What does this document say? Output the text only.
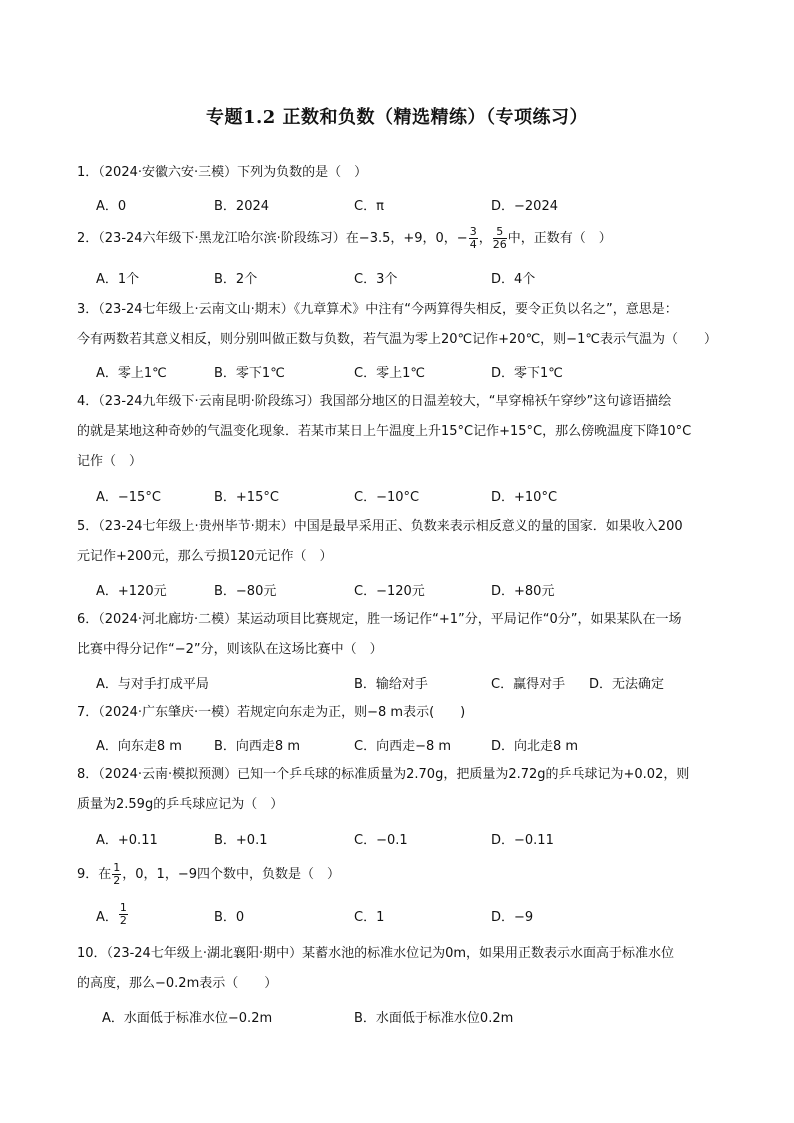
专题1.2 正数和负数（精选精练）（专项练习）
1．（2024·安徽六安·三模）下列为负数的是（　）
A．0	B．2024	C．π	D．−2024
2．（23-24六年级下·黑龙江哈尔滨·阶段练习）在−3.5，+9，0，− $\frac{3}{4}$ ， $\frac{5}{26}$ 中，正数有（　）
A．1个	B．2个	C．3个	D．4个
3．（23-24七年级上·云南文山·期末）《九章算术》中注有“今两算得失相反，要令正负以名之”，意思是：
今有两数若其意义相反，则分别叫做正数与负数，若气温为零上20℃记作+20℃，则−1℃表示气温为（　　）
A．零上1℃	B．零下1℃	C．零上1℃	D．零下1℃
4．（23-24九年级下·云南昆明·阶段练习）我国部分地区的日温差较大，“早穿棉袄午穿纱”这句谚语描绘
的就是某地这种奇妙的气温变化现象．若某市某日上午温度上升15°C记作+15°C，那么傍晚温度下降10°C
记作（　）
A．−15°C	B．+15°C	C．−10°C	D．+10°C
5．（23-24七年级上·贵州毕节·期末）中国是最早采用正、负数来表示相反意义的量的国家．如果收入200
元记作+200元，那么亏损120元记作（　）
A．+120元	B．−80元	C．−120元	D．+80元
6．（2024·河北廊坊·二模）某运动项目比赛规定，胜一场记作“+1”分，平局记作“0分”，如果某队在一场
比赛中得分记作“−2”分，则该队在这场比赛中（　）
A．与对手打成平局	B．输给对手	C．赢得对手 D．无法确定
7．（2024·广东肇庆·一模）若规定向东走为正，则−8 m表示(　　)
A．向东走8 m B．向西走8 m	C．向西走−8 m	D．向北走8 m
8．（2024·云南·模拟预测）已知一个乒乓球的标准质量为2.70g，把质量为2.72g的乒乓球记为+0.02，则
质量为2.59g的乒乓球应记为（　）
A．+0.11	B．+0.1	C．−0.1	D．−0.11
9．在 $\frac{1}{2}$ ，0，1，−9四个数中，负数是（　）
A． $\frac{1}{2}$	B．0	C．1	D．−9
10．（23-24七年级上·湖北襄阳·期中）某蓄水池的标准水位记为0m，如果用正数表示水面高于标准水位
的高度，那么−0.2m表示（　　）
A．水面低于标准水位−0.2m	B．水面低于标准水位0.2m
